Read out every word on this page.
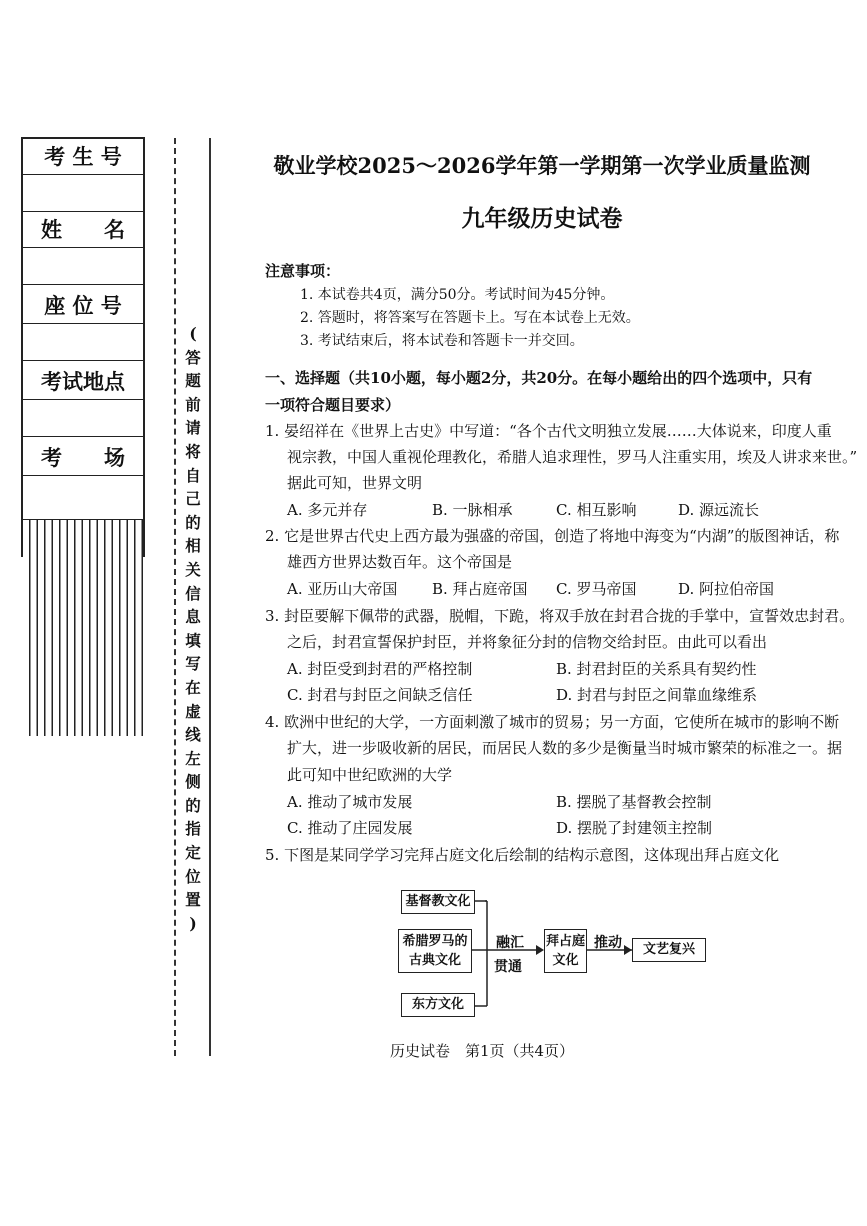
考 生 号
姓　　名
座 位 号
考试地点
考　　场
(
答
题
前
请
将
自
己
的
相
关
信
息
填
写
在
虚
线
左
侧
的
指
定
位
置
)
敬业学校2025～2026学年第一学期第一次学业质量监测
九年级历史试卷
注意事项：
1. 本试卷共4页，满分50分。考试时间为45分钟。
2. 答题时，将答案写在答题卡上。写在本试卷上无效。
3. 考试结束后，将本试卷和答题卡一并交回。
一、选择题（共10小题，每小题2分，共20分。在每小题给出的四个选项中，只有
一项符合题目要求）
1. 晏绍祥在《世界上古史》中写道：“各个古代文明独立发展……大体说来，印度人重
视宗教，中国人重视伦理教化，希腊人追求理性，罗马人注重实用，埃及人讲求来世。”
据此可知，世界文明
A. 多元并存	B. 一脉相承	C. 相互影响	D. 源远流长
2. 它是世界古代史上西方最为强盛的帝国，创造了将地中海变为“内湖”的版图神话，称
雄西方世界达数百年。这个帝国是
A. 亚历山大帝国 B. 拜占庭帝国 C. 罗马帝国	D. 阿拉伯帝国
3. 封臣要解下佩带的武器，脱帽，下跪，将双手放在封君合拢的手掌中，宣誓效忠封君。
之后，封君宣誓保护封臣，并将象征分封的信物交给封臣。由此可以看出
A. 封臣受到封君的严格控制	B. 封君封臣的关系具有契约性
C. 封君与封臣之间缺乏信任	D. 封君与封臣之间靠血缘维系
4. 欧洲中世纪的大学，一方面刺激了城市的贸易；另一方面，它使所在城市的影响不断
扩大，进一步吸收新的居民，而居民人数的多少是衡量当时城市繁荣的标准之一。据
此可知中世纪欧洲的大学
A. 推动了城市发展	B. 摆脱了基督教会控制
C. 推动了庄园发展	D. 摆脱了封建领主控制
5. 下图是某同学学习完拜占庭文化后绘制的结构示意图，这体现出拜占庭文化
基督教文化
希腊罗马的
古典文化
东方文化
融汇
贯通
拜占庭
文化
推动	文艺复兴
历史试卷　第1页（共4页）
